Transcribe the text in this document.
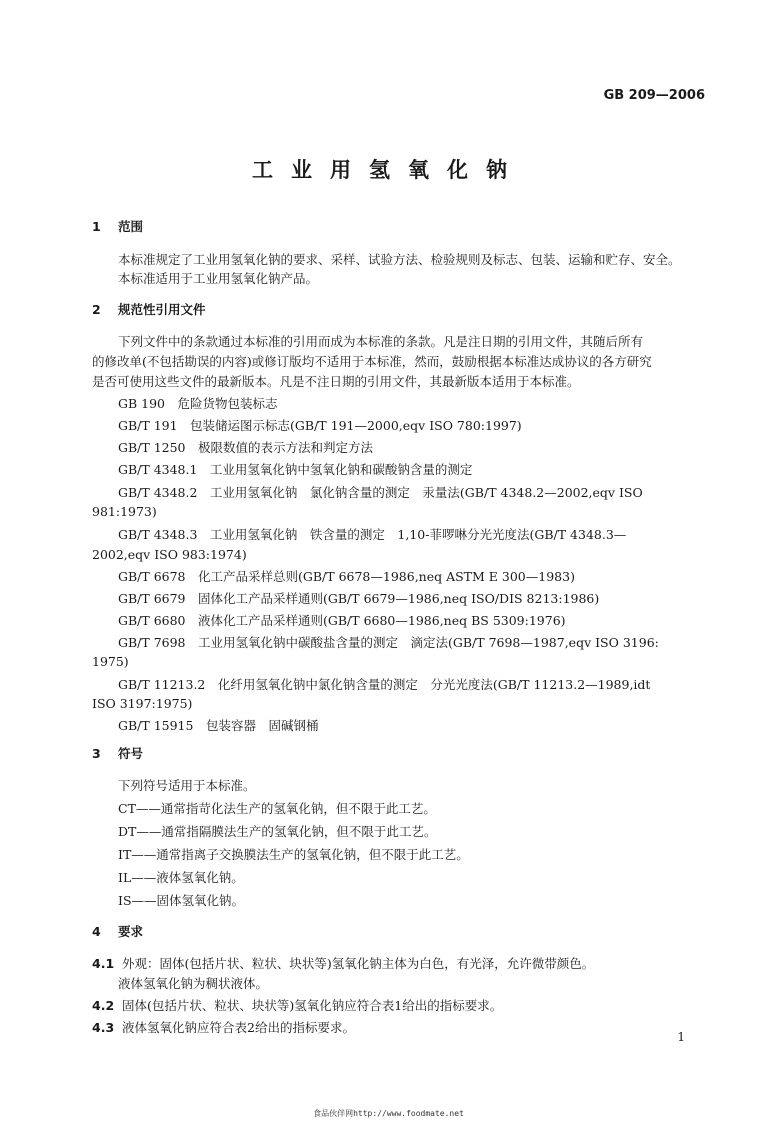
GB 209—2006
工业用氢氧化钠
1 范围
本标准规定了工业用氢氧化钠的要求、采样、试验方法、检验规则及标志、包装、运输和贮存、安全。
本标准适用于工业用氢氧化钠产品。
2 规范性引用文件
下列文件中的条款通过本标准的引用而成为本标准的条款。凡是注日期的引用文件，其随后所有
的修改单(不包括勘误的内容)或修订版均不适用于本标准，然而，鼓励根据本标准达成协议的各方研究
是否可使用这些文件的最新版本。凡是不注日期的引用文件，其最新版本适用于本标准。
GB 190　危险货物包装标志
GB/T 191　包装储运图示标志(GB/T 191—2000,eqv ISO 780:1997)
GB/T 1250　极限数值的表示方法和判定方法
GB/T 4348.1　工业用氢氧化钠中氢氧化钠和碳酸钠含量的测定
GB/T 4348.2　工业用氢氧化钠　氯化钠含量的测定　汞量法(GB/T 4348.2—2002,eqv ISO
981:1973)
GB/T 4348.3　工业用氢氧化钠　铁含量的测定　1,10-菲啰啉分光光度法(GB/T 4348.3—
2002,eqv ISO 983:1974)
GB/T 6678　化工产品采样总则(GB/T 6678—1986,neq ASTM E 300—1983)
GB/T 6679　固体化工产品采样通则(GB/T 6679—1986,neq ISO/DIS 8213:1986)
GB/T 6680　液体化工产品采样通则(GB/T 6680—1986,neq BS 5309:1976)
GB/T 7698　工业用氢氧化钠中碳酸盐含量的测定　滴定法(GB/T 7698—1987,eqv ISO 3196:
1975)
GB/T 11213.2　化纤用氢氧化钠中氯化钠含量的测定　分光光度法(GB/T 11213.2—1989,idt
ISO 3197:1975)
GB/T 15915　包装容器　固碱钢桶
3 符号
下列符号适用于本标准。
CT——通常指苛化法生产的氢氧化钠，但不限于此工艺。
DT——通常指隔膜法生产的氢氧化钠，但不限于此工艺。
IT——通常指离子交换膜法生产的氢氧化钠，但不限于此工艺。
IL——液体氢氧化钠。
IS——固体氢氧化钠。
4 要求
4.1 外观：固体(包括片状、粒状、块状等)氢氧化钠主体为白色，有光泽，允许微带颜色。
液体氢氧化钠为稠状液体。
4.2 固体(包括片状、粒状、块状等)氢氧化钠应符合表1给出的指标要求。
4.3 液体氢氧化钠应符合表2给出的指标要求。
1
食品伙伴网http://www.foodmate.net
